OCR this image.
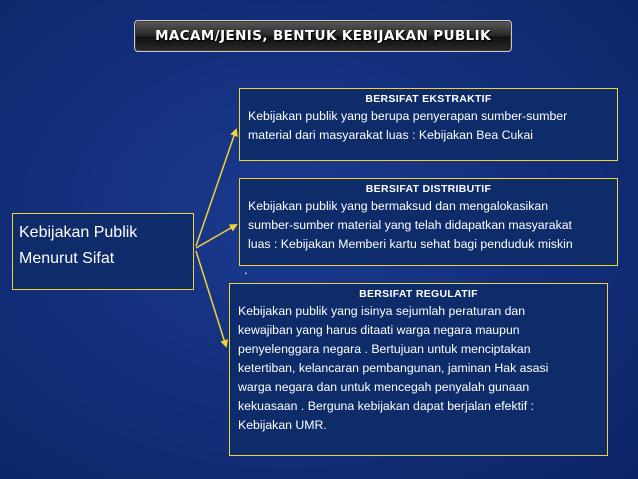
MACAM/JENIS, BENTUK KEBIJAKAN PUBLIK
Kebijakan Publik
Menurut Sifat
BERSIFAT EKSTRAKTIF
Kebijakan publik yang berupa penyerapan sumber-sumber
material dari masyarakat luas : Kebijakan Bea Cukai
BERSIFAT DISTRIBUTIF
Kebijakan publik yang bermaksud dan mengalokasikan
sumber-sumber material yang telah didapatkan masyarakat
luas : Kebijakan Memberi kartu sehat bagi penduduk miskin
.
BERSIFAT REGULATIF
Kebijakan publik yang isinya sejumlah peraturan dan
kewajiban yang harus ditaati warga negara maupun
penyelenggara negara . Bertujuan untuk menciptakan
ketertiban, kelancaran pembangunan, jaminan Hak asasi
warga negara dan untuk mencegah penyalah gunaan
kekuasaan . Berguna kebijakan dapat berjalan efektif :
Kebijakan UMR.
